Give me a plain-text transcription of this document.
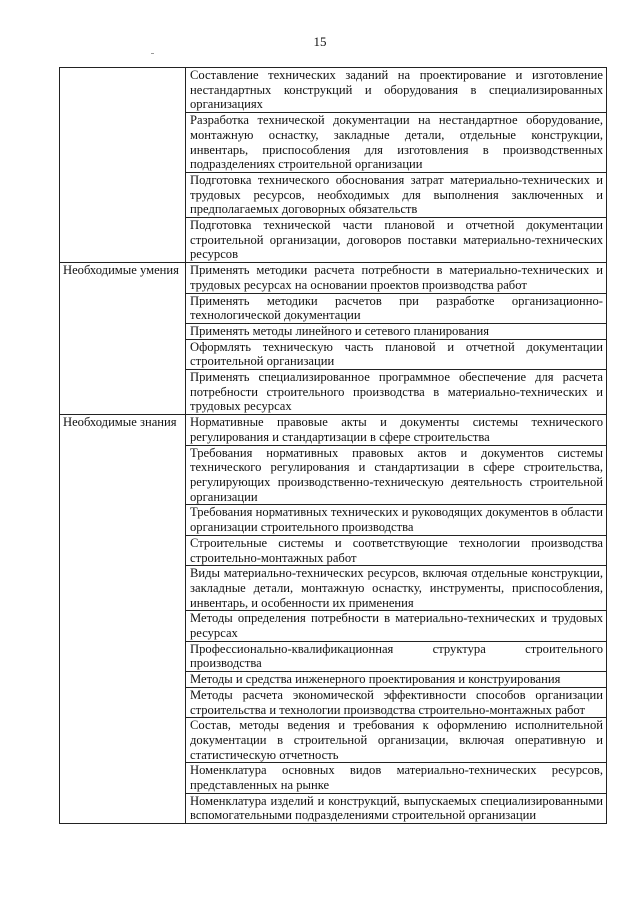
15
	Составление технических заданий на проектирование и изготовление нестандартных конструкций и оборудования в специализированных организациях
	Разработка технической документации на нестандартное оборудование, монтажную оснастку, закладные детали, отдельные конструкции, инвентарь, приспособления для изготовления в производственных подразделениях строительной организации
	Подготовка технического обоснования затрат материально-технических и трудовых ресурсов, необходимых для выполнения заключенных и предполагаемых договорных обязательств
	Подготовка технической части плановой и отчетной документации строительной организации, договоров поставки материально-технических ресурсов
Необходимые умения	Применять методики расчета потребности в материально-технических и трудовых ресурсах на основании проектов производства работ
	Применять методики расчетов при разработке организационно-технологической документации
	Применять методы линейного и сетевого планирования
	Оформлять техническую часть плановой и отчетной документации строительной организации
	Применять специализированное программное обеспечение для расчета потребности строительного производства в материально-технических и трудовых ресурсах
Необходимые знания	Нормативные правовые акты и документы системы технического регулирования и стандартизации в сфере строительства
	Требования нормативных правовых актов и документов системы технического регулирования и стандартизации в сфере строительства, регулирующих производственно-техническую деятельность строительной организации
	Требования нормативных технических и руководящих документов в области организации строительного производства
	Строительные системы и соответствующие технологии производства строительно-монтажных работ
	Виды материально-технических ресурсов, включая отдельные конструкции, закладные детали, монтажную оснастку, инструменты, приспособления, инвентарь, и особенности их применения
	Методы определения потребности в материально-технических и трудовых ресурсах
	Профессионально-квалификационная структура строительного производства
	Методы и средства инженерного проектирования и конструирования
	Методы расчета экономической эффективности способов организации строительства и технологии производства строительно-монтажных работ
	Состав, методы ведения и требования к оформлению исполнительной документации в строительной организации, включая оперативную и статистическую отчетность
	Номенклатура основных видов материально-технических ресурсов, представленных на рынке
	Номенклатура изделий и конструкций, выпускаемых специализированными вспомогательными подразделениями строительной организации
